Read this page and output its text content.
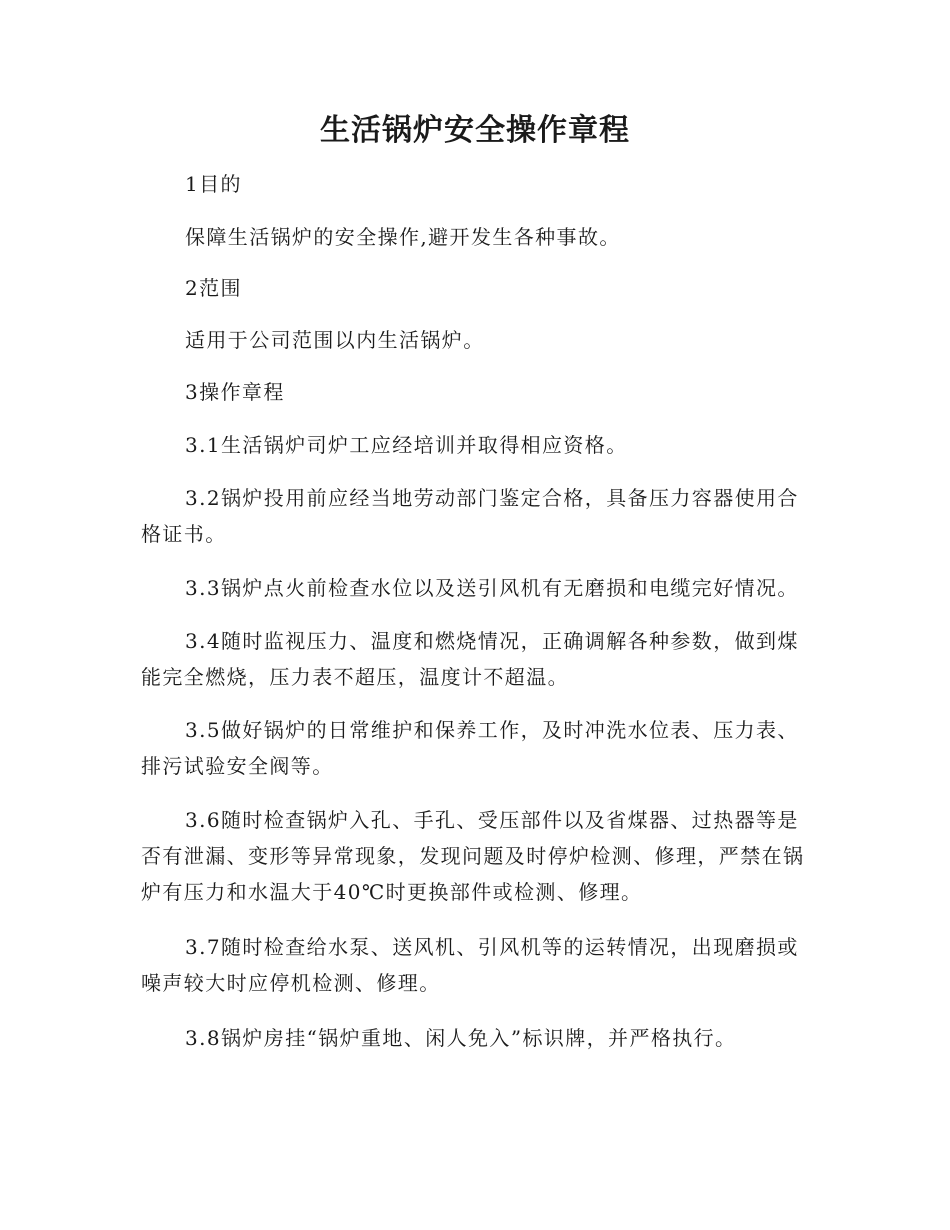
生活锅炉安全操作章程

1目的

保障生活锅炉的安全操作,避开发生各种事故。

2范围

适用于公司范围以内生活锅炉。

3操作章程

3.1生活锅炉司炉工应经培训并取得相应资格。

3.2锅炉投用前应经当地劳动部门鉴定合格，具备压力容器使用合格证书。

3.3锅炉点火前检查水位以及送引风机有无磨损和电缆完好情况。

3.4随时监视压力、温度和燃烧情况，正确调解各种参数，做到煤能完全燃烧，压力表不超压，温度计不超温。

3.5做好锅炉的日常维护和保养工作，及时冲洗水位表、压力表、排污试验安全阀等。

3.6随时检查锅炉入孔、手孔、受压部件以及省煤器、过热器等是否有泄漏、变形等异常现象，发现问题及时停炉检测、修理，严禁在锅炉有压力和水温大于40℃时更换部件或检测、修理。

3.7随时检查给水泵、送风机、引风机等的运转情况，出现磨损或噪声较大时应停机检测、修理。

3.8锅炉房挂“锅炉重地、闲人免入”标识牌，并严格执行。
